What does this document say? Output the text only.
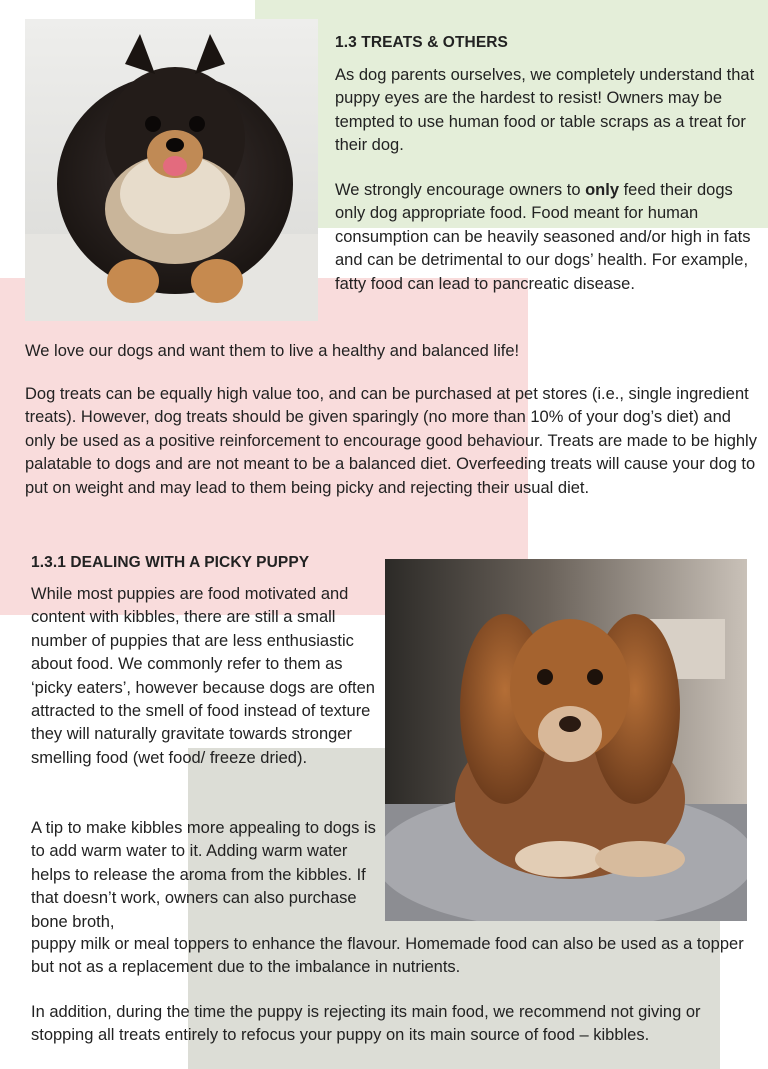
1.3 TREATS & OTHERS

As dog parents ourselves, we completely understand that puppy eyes are the hardest to resist! Owners may be tempted to use human food or table scraps as a treat for their dog.

We strongly encourage owners to only feed their dogs only dog appropriate food. Food meant for human consumption can be heavily seasoned and/or high in fats and can be detrimental to our dogs’ health. For example, fatty food can lead to pancreatic disease.

We love our dogs and want them to live a healthy and balanced life!

Dog treats can be equally high value too, and can be purchased at pet stores (i.e., single ingredient treats). However, dog treats should be given sparingly (no more than 10% of your dog’s diet) and only be used as a positive reinforcement to encourage good behaviour. Treats are made to be highly palatable to dogs and are not meant to be a balanced diet. Overfeeding treats will cause your dog to put on weight and may lead to them being picky and rejecting their usual diet.

1.3.1 DEALING WITH A PICKY PUPPY

While most puppies are food motivated and content with kibbles, there are still a small number of puppies that are less enthusiastic about food. We commonly refer to them as ‘picky eaters’, however because dogs are often attracted to the smell of food instead of texture they will naturally gravitate towards stronger smelling food (wet food/ freeze dried).

A tip to make kibbles more appealing to dogs is to add warm water to it. Adding warm water helps to release the aroma from the kibbles. If that doesn’t work, owners can also purchase bone broth,

puppy milk or meal toppers to enhance the flavour. Homemade food can also be used as a topper but not as a replacement due to the imbalance in nutrients.

In addition, during the time the puppy is rejecting its main food, we recommend not giving or stopping all treats entirely to refocus your puppy on its main source of food – kibbles.
